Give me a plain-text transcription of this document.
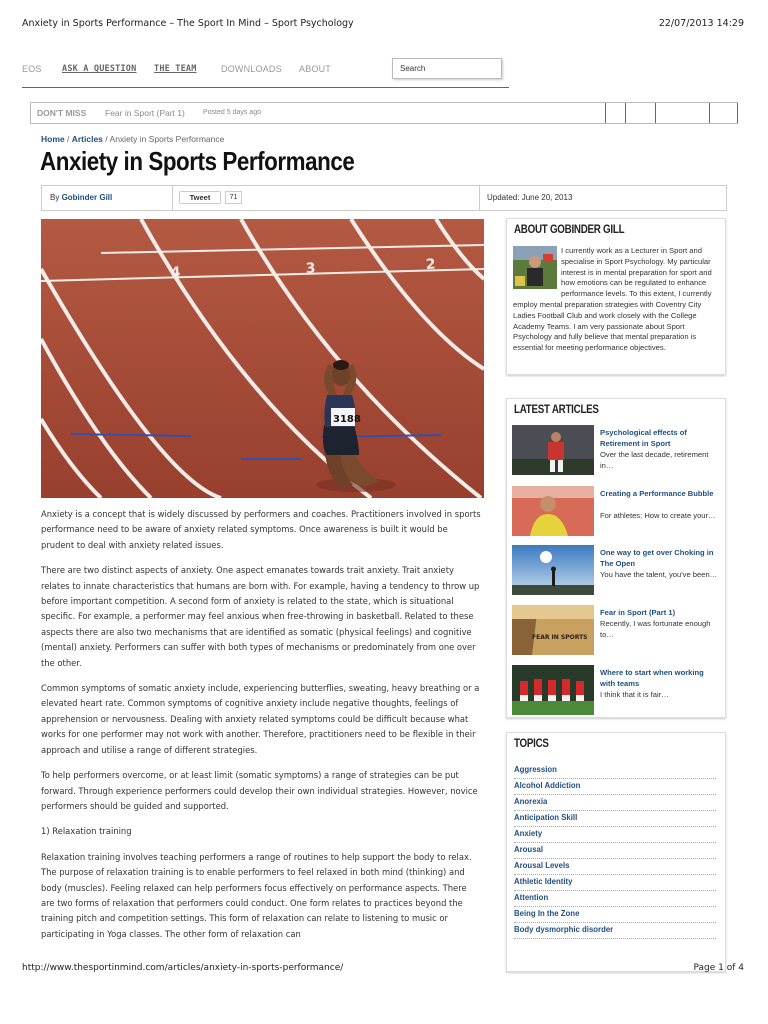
Anxiety in Sports Performance – The Sport In Mind – Sport Psychology	22/07/2013 14:29
EOS ASK A QUESTION THE TEAM	DOWNLOADS ABOUT	Search
DON'T MISS Fear in Sport (Part 1)	Posted 5 days ago
Home / Articles / Anxiety in Sports Performance
Anxiety in Sports Performance
By Gobinder Gill	Tweet	71	Updated: June 20, 2013
4	3	2
3188

Anxiety is a concept that is widely discussed by performers and coaches. Practitioners involved in sports performance need to be aware of anxiety related symptoms. Once awareness is built it would be prudent to deal with anxiety related issues.

There are two distinct aspects of anxiety. One aspect emanates towards trait anxiety. Trait anxiety relates to innate characteristics that humans are born with. For example, having a tendency to throw up before important competition. A second form of anxiety is related to the state, which is situational specific. For example, a performer may feel anxious when free-throwing in basketball. Related to these aspects there are also two mechanisms that are identified as somatic (physical feelings) and cognitive (mental) anxiety. Performers can suffer with both types of mechanisms or predominately from one over the other.

Common symptoms of somatic anxiety include, experiencing butterflies, sweating, heavy breathing or a elevated heart rate. Common symptoms of cognitive anxiety include negative thoughts, feelings of apprehension or nervousness. Dealing with anxiety related symptoms could be difficult because what works for one performer may not work with another. Therefore, practitioners need to be flexible in their approach and utilise a range of different strategies.

To help performers overcome, or at least limit (somatic symptoms) a range of strategies can be put forward. Through experience performers could develop their own individual strategies. However, novice performers should be guided and supported.

1) Relaxation training

Relaxation training involves teaching performers a range of routines to help support the body to relax. The purpose of relaxation training is to enable performers to feel relaxed in both mind (thinking) and body (muscles). Feeling relaxed can help performers focus effectively on performance aspects. There are two forms of relaxation that performers could conduct. One form relates to practices beyond the training pitch and competition settings. This form of relaxation can relate to listening to music or participating in Yoga classes. The other form of relaxation can

ABOUT GOBINDER GILL
I currently work as a Lecturer in Sport and specialise in Sport Psychology. My particular interest is in mental preparation for sport and how emotions can be regulated to enhance performance levels. To this extent, I currently employ mental preparation strategies with Coventry City Ladies Football Club and work closely with the College Academy Teams. I am very passionate about Sport Psychology and fully believe that mental preparation is essential for meeting performance objectives.
LATEST ARTICLES
Psychological effects of Retirement in Sport
Over the last decade, retirement in…
Creating a Performance Bubble
For athletes: How to create your…
One way to get over Choking in The Open
You have the talent, you've been…
FEAR IN SPORTS
Fear in Sport (Part 1)
Recently, I was fortunate enough to…
Where to start when working with teams
I think that it is fair…
TOPICS
Aggression
Alcohol Addiction
Anorexia
Anticipation Skill
Anxiety
Arousal
Arousal Levels
Athletic Identity
Attention
Being In the Zone
Body dysmorphic disorder
http://www.thesportinmind.com/articles/anxiety-in-sports-performance/	Page 1 of 4
